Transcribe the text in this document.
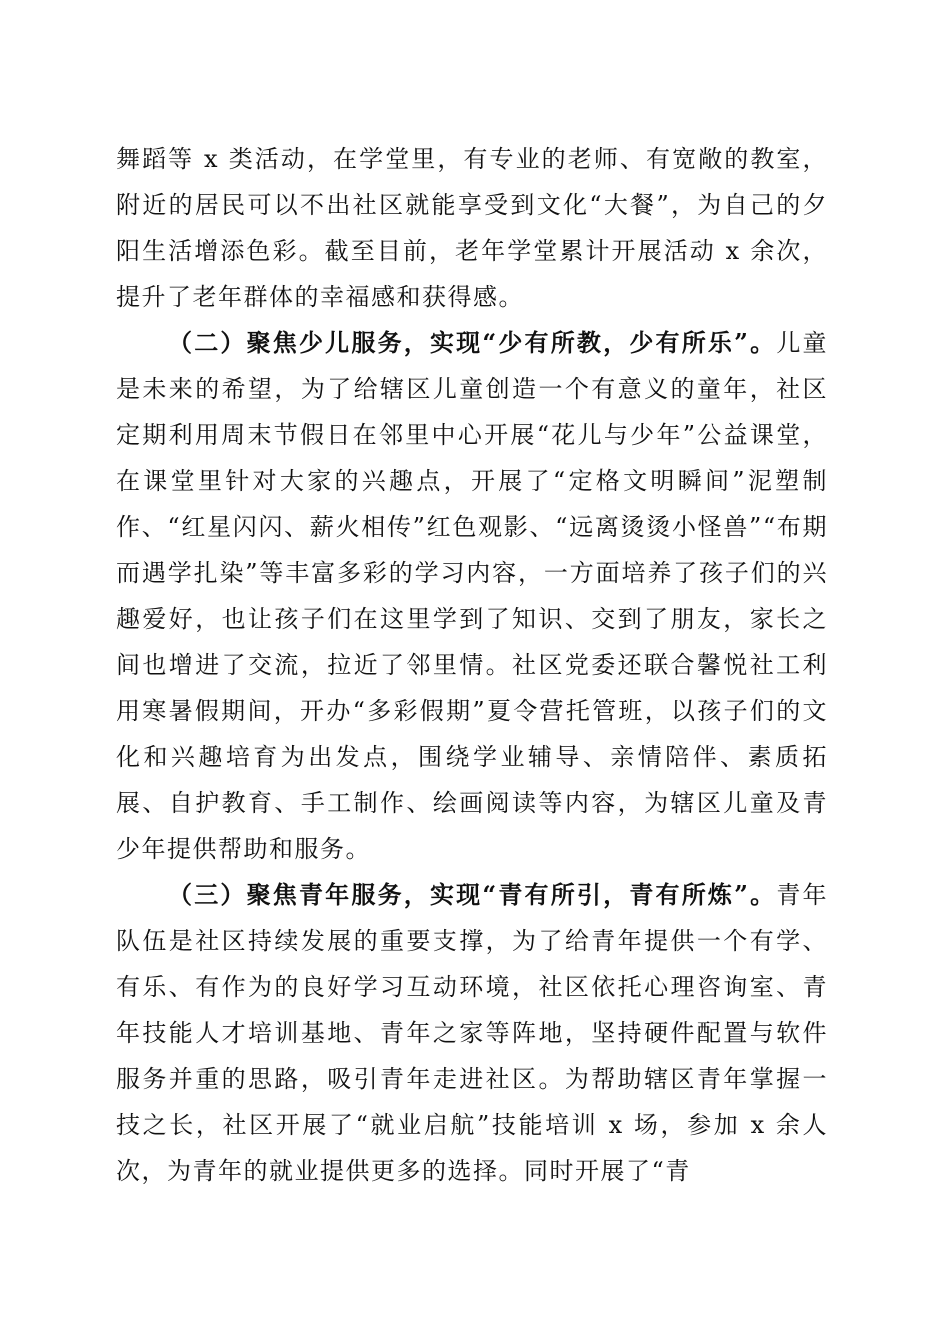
舞蹈等 x 类活动，在学堂里，有专业的老师、有宽敞的教室，附近的居民可以不出社区就能享受到文化“大餐”，为自己的夕阳生活增添色彩。截至目前，老年学堂累计开展活动 x 余次，提升了老年群体的幸福感和获得感。

（二）聚焦少儿服务，实现“少有所教，少有所乐”。儿童是未来的希望，为了给辖区儿童创造一个有意义的童年，社区定期利用周末节假日在邻里中心开展“花儿与少年”公益课堂，在课堂里针对大家的兴趣点，开展了“定格文明瞬间”泥塑制作、“红星闪闪、薪火相传”红色观影、“远离烫烫小怪兽”“布期而遇学扎染”等丰富多彩的学习内容，一方面培养了孩子们的兴趣爱好，也让孩子们在这里学到了知识、交到了朋友，家长之间也增进了交流，拉近了邻里情。社区党委还联合馨悦社工利用寒暑假期间，开办“多彩假期”夏令营托管班，以孩子们的文化和兴趣培育为出发点，围绕学业辅导、亲情陪伴、素质拓展、自护教育、手工制作、绘画阅读等内容，为辖区儿童及青少年提供帮助和服务。

（三）聚焦青年服务，实现“青有所引，青有所炼”。青年队伍是社区持续发展的重要支撑，为了给青年提供一个有学、有乐、有作为的良好学习互动环境，社区依托心理咨询室、青年技能人才培训基地、青年之家等阵地，坚持硬件配置与软件服务并重的思路，吸引青年走进社区。为帮助辖区青年掌握一技之长，社区开展了“就业启航”技能培训 x 场，参加 x 余人次，为青年的就业提供更多的选择。同时开展了“青
